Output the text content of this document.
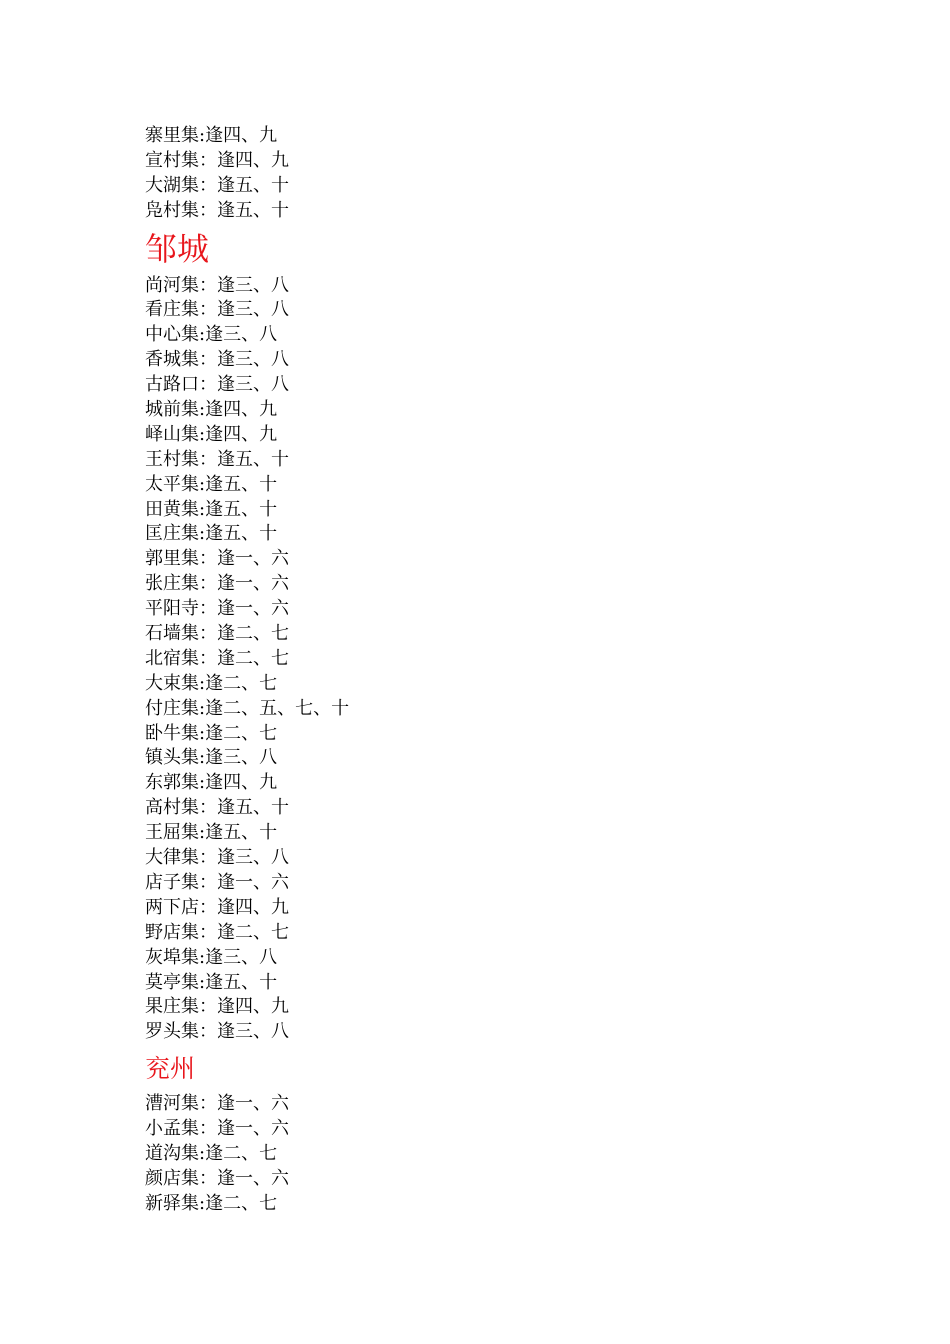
寨里集:逢四、九
宣村集：逢四、九
大湖集：逢五、十
凫村集：逢五、十
邹城
尚河集：逢三、八
看庄集：逢三、八
中心集:逢三、八
香城集：逢三、八
古路口：逢三、八
城前集:逢四、九
峄山集:逢四、九
王村集：逢五、十
太平集:逢五、十
田黄集:逢五、十
匡庄集:逢五、十
郭里集：逢一、六
张庄集：逢一、六
平阳寺：逢一、六
石墙集：逢二、七
北宿集：逢二、七
大束集:逢二、七
付庄集:逢二、五、七、十
卧牛集:逢二、七
镇头集:逢三、八
东郭集:逢四、九
高村集：逢五、十
王屈集:逢五、十
大律集：逢三、八
店子集：逢一、六
两下店：逢四、九
野店集：逢二、七
灰埠集:逢三、八
莫亭集:逢五、十
果庄集：逢四、九
罗头集：逢三、八
兖州
漕河集：逢一、六
小孟集：逢一、六
道沟集:逢二、七
颜店集：逢一、六
新驿集:逢二、七
